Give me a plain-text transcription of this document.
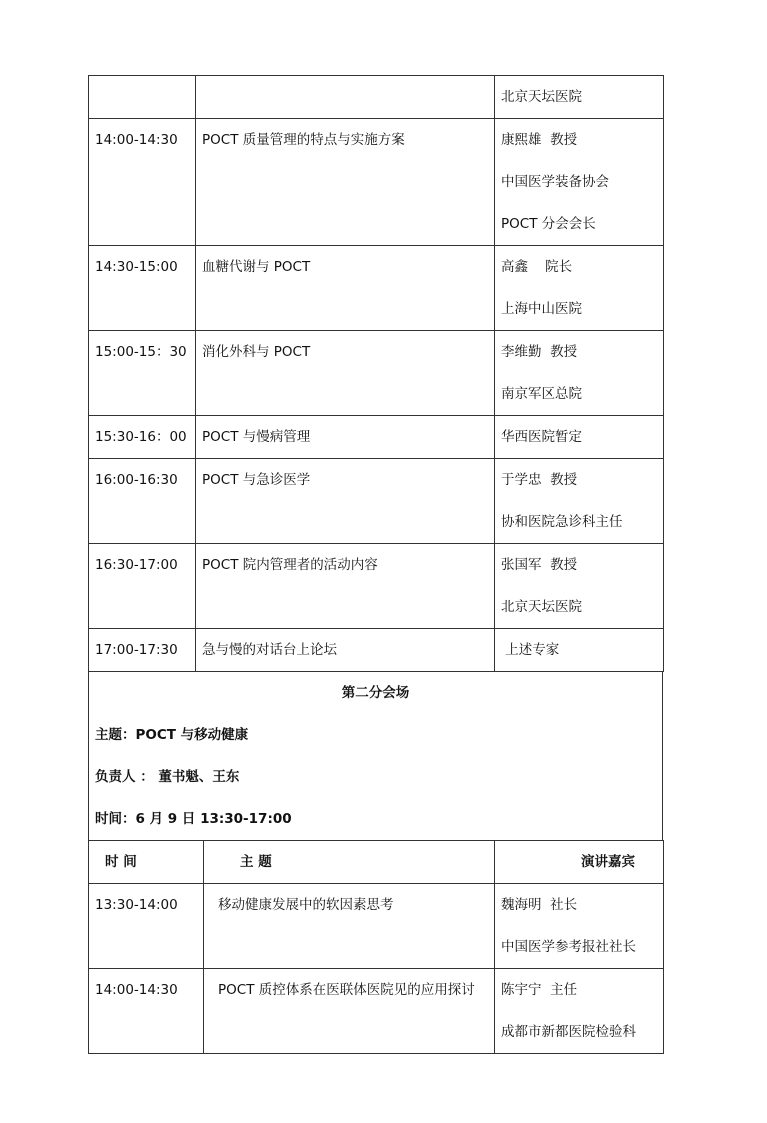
		北京天坛医院

14:00-14:30	POCT 质量管理的特点与实施方案	康熙雄  教授
中国医学装备协会
POCT 分会会长

14:30-15:00	血糖代谢与 POCT	高鑫    院长
上海中山医院

15:00-15：30	消化外科与 POCT	李维勤  教授
南京军区总院

15:30-16：00	POCT 与慢病管理	华西医院暂定

16:00-16:30	POCT 与急诊医学	于学忠  教授
协和医院急诊科主任

16:30-17:00	POCT 院内管理者的活动内容	张国军  教授
北京天坛医院

17:00-17:30	急与慢的对话台上论坛	上述专家
第二分会场
主题：POCT 与移动健康
负责人 ： 董书魁、王东
时间：6 月 9 日 13:30-17:00
时 间	主 题	演讲嘉宾

13:30-14:00	移动健康发展中的软因素思考	魏海明  社长
中国医学参考报社社长

14:00-14:30	POCT 质控体系在医联体医院见的应用探讨	陈宇宁  主任
成都市新都医院检验科
